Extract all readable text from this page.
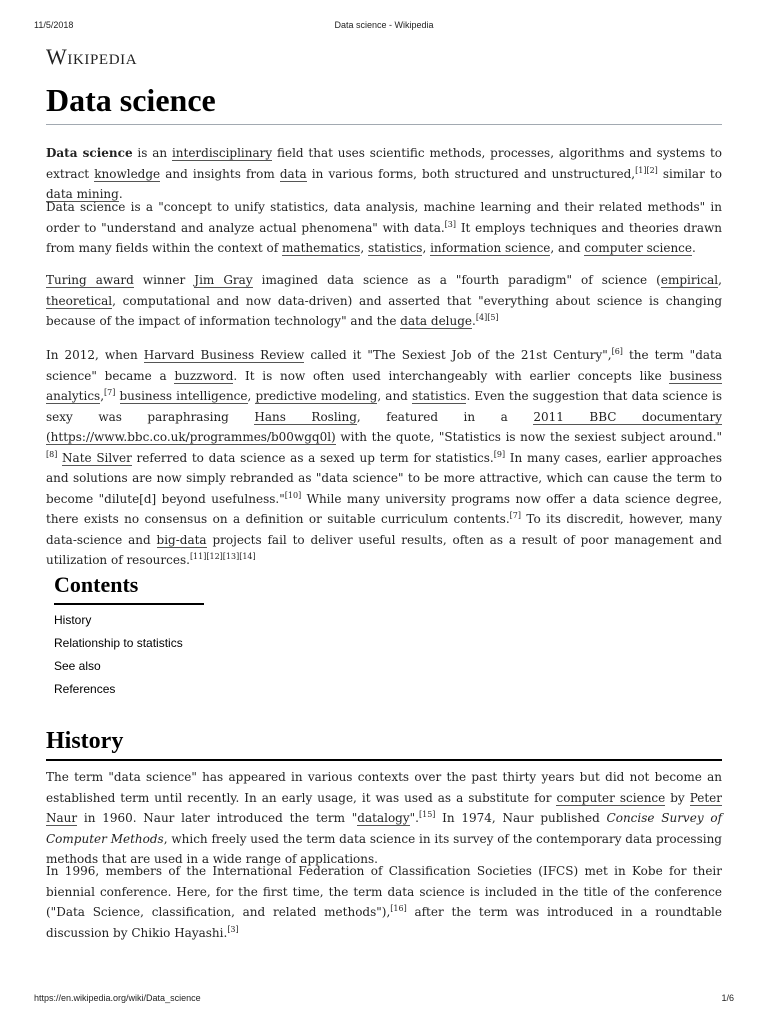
11/5/2018	Data science - Wikipedia
Wikipedia
Data science

Data science is an interdisciplinary field that uses scientific methods, processes, algorithms and systems to extract knowledge and insights from data in various forms, both structured and unstructured,[1][2] similar to data mining.

Data science is a "concept to unify statistics, data analysis, machine learning and their related methods" in order to "understand and analyze actual phenomena" with data.[3] It employs techniques and theories drawn from many fields within the context of mathematics, statistics, information science, and computer science.

Turing award winner Jim Gray imagined data science as a "fourth paradigm" of science (empirical, theoretical, computational and now data-driven) and asserted that "everything about science is changing because of the impact of information technology" and the data deluge.[4][5]

In 2012, when Harvard Business Review called it "The Sexiest Job of the 21st Century",[6] the term "data science" became a buzzword. It is now often used interchangeably with earlier concepts like business analytics,[7] business intelligence, predictive modeling, and statistics. Even the suggestion that data science is sexy was paraphrasing Hans Rosling, featured in a 2011 BBC documentary (https://www.bbc.co.uk/programmes/b00wgq0l) with the quote, "Statistics is now the sexiest subject around."[8] Nate Silver referred to data science as a sexed up term for statistics.[9] In many cases, earlier approaches and solutions are now simply rebranded as "data science" to be more attractive, which can cause the term to become "dilute[d] beyond usefulness."[10] While many university programs now offer a data science degree, there exists no consensus on a definition or suitable curriculum contents.[7] To its discredit, however, many data-science and big-data projects fail to deliver useful results, often as a result of poor management and utilization of resources.[11][12][13][14]

Contents
History
Relationship to statistics
See also
References
History

The term "data science" has appeared in various contexts over the past thirty years but did not become an established term until recently. In an early usage, it was used as a substitute for computer science by Peter Naur in 1960. Naur later introduced the term "datalogy".[15] In 1974, Naur published Concise Survey of Computer Methods, which freely used the term data science in its survey of the contemporary data processing methods that are used in a wide range of applications.

In 1996, members of the International Federation of Classification Societies (IFCS) met in Kobe for their biennial conference. Here, for the first time, the term data science is included in the title of the conference ("Data Science, classification, and related methods"),[16] after the term was introduced in a roundtable discussion by Chikio Hayashi.[3]

https://en.wikipedia.org/wiki/Data_science	1/6
